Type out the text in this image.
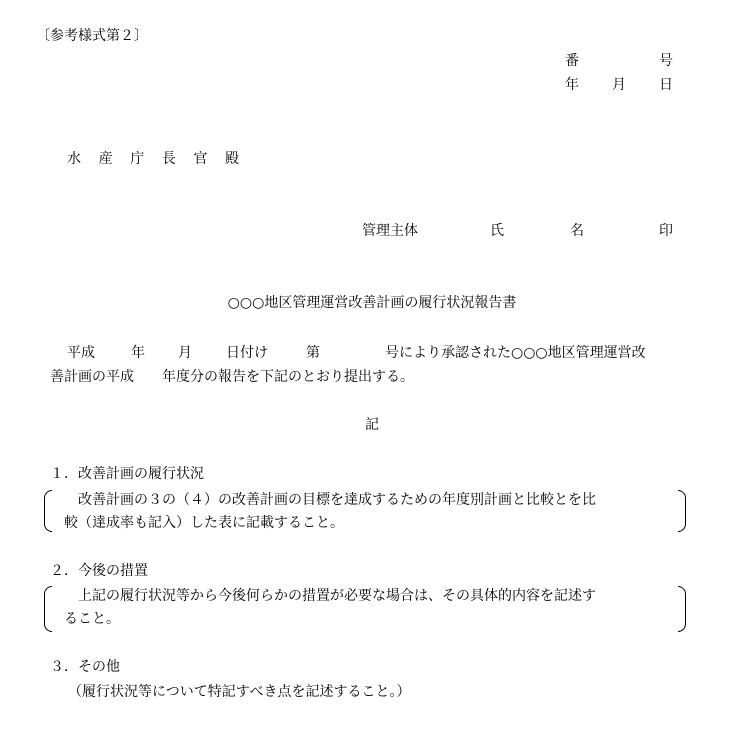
〔参考様式第２〕
番	号
年 月 日
水 産 庁 長 官 殿
管理主体	氏	名	印
○○○地区管理運営改善計画の履行状況報告書
平成	年 月 日付け	第	号により承認された○○○地区管理運営改
善計画の平成　　年度分の報告を下記のとおり提出する。
記
１．改善計画の履行状況
　改善計画の３の（４）の改善計画の目標を達成するための年度別計画と比較とを比
較（達成率も記入）した表に記載すること。
２．今後の措置
　上記の履行状況等から今後何らかの措置が必要な場合は、その具体的内容を記述す
ること。
３．その他
（履行状況等について特記すべき点を記述すること。）
